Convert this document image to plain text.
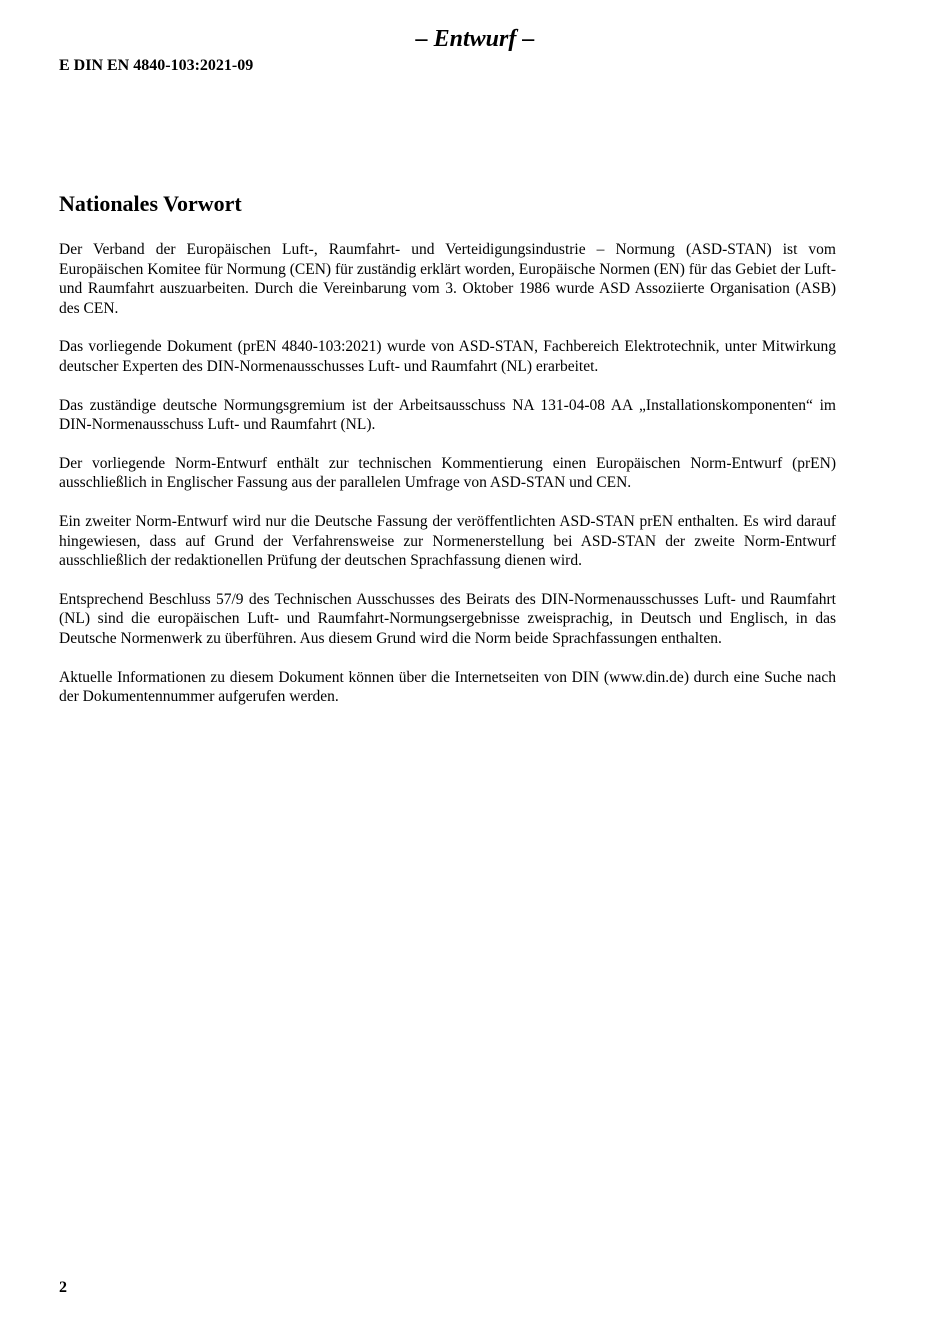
– Entwurf –
E DIN EN 4840-103:2021-09
Nationales Vorwort

Der Verband der Europäischen Luft-, Raumfahrt- und Verteidigungsindustrie – Normung (ASD-STAN) ist vom Europäischen Komitee für Normung (CEN) für zuständig erklärt worden, Europäische Normen (EN) für das Gebiet der Luft- und Raumfahrt auszuarbeiten. Durch die Vereinbarung vom 3. Oktober 1986 wurde ASD Assoziierte Organisation (ASB) des CEN.

Das vorliegende Dokument (prEN 4840-103:2021) wurde von ASD-STAN, Fachbereich Elektrotechnik, unter Mitwirkung deutscher Experten des DIN-Normenausschusses Luft- und Raumfahrt (NL) erarbeitet.

Das zuständige deutsche Normungsgremium ist der Arbeitsausschuss NA 131-04-08 AA „Installationskomponenten“ im DIN-Normenausschuss Luft- und Raumfahrt (NL).

Der vorliegende Norm-Entwurf enthält zur technischen Kommentierung einen Europäischen Norm-Entwurf (prEN) ausschließlich in Englischer Fassung aus der parallelen Umfrage von ASD-STAN und CEN.

Ein zweiter Norm-Entwurf wird nur die Deutsche Fassung der veröffentlichten ASD-STAN prEN enthalten. Es wird darauf hingewiesen, dass auf Grund der Verfahrensweise zur Normenerstellung bei ASD-STAN der zweite Norm-Entwurf ausschließlich der redaktionellen Prüfung der deutschen Sprachfassung dienen wird.

Entsprechend Beschluss 57/9 des Technischen Ausschusses des Beirats des DIN-Normenausschusses Luft- und Raumfahrt (NL) sind die europäischen Luft- und Raumfahrt-Normungsergebnisse zweisprachig, in Deutsch und Englisch, in das Deutsche Normenwerk zu überführen. Aus diesem Grund wird die Norm beide Sprachfassungen enthalten.

Aktuelle Informationen zu diesem Dokument können über die Internetseiten von DIN (www.din.de) durch eine Suche nach der Dokumentennummer aufgerufen werden.

2
